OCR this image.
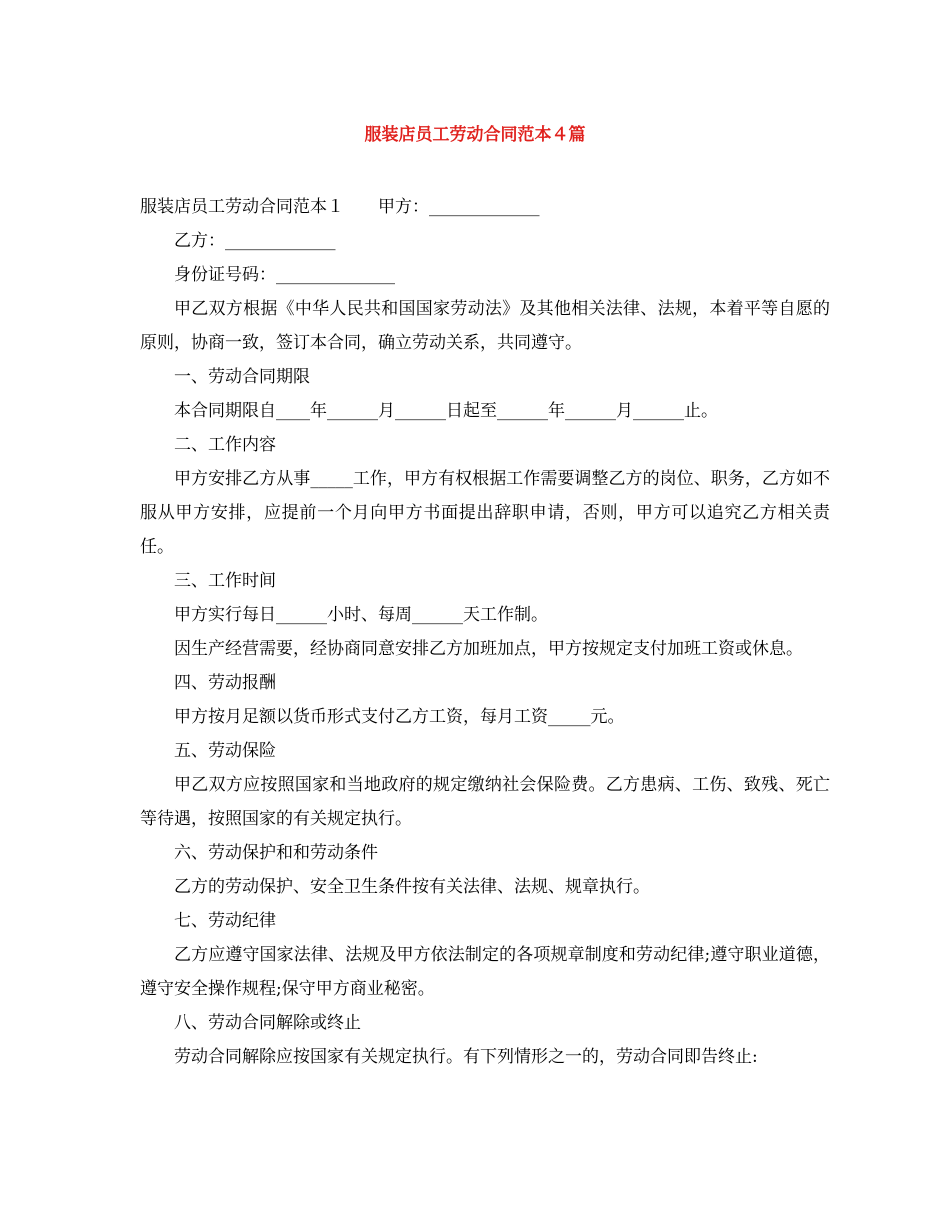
服装店员工劳动合同范本４篇

服装店员工劳动合同范本１　　甲方：_____________

乙方：_____________

身份证号码：______________

甲乙双方根据《中华人民共和国国家劳动法》及其他相关法律、法规，本着平等自愿的原则，协商一致，签订本合同，确立劳动关系，共同遵守。

一、劳动合同期限

本合同期限自____年______月______日起至______年______月______止。

二、工作内容

甲方安排乙方从事_____工作，甲方有权根据工作需要调整乙方的岗位、职务，乙方如不服从甲方安排，应提前一个月向甲方书面提出辞职申请，否则，甲方可以追究乙方相关责任。

三、工作时间

甲方实行每日______小时、每周______天工作制。

因生产经营需要，经协商同意安排乙方加班加点，甲方按规定支付加班工资或休息。

四、劳动报酬

甲方按月足额以货币形式支付乙方工资，每月工资_____元。

五、劳动保险

甲乙双方应按照国家和当地政府的规定缴纳社会保险费。乙方患病、工伤、致残、死亡等待遇，按照国家的有关规定执行。

六、劳动保护和和劳动条件

乙方的劳动保护、安全卫生条件按有关法律、法规、规章执行。

七、劳动纪律

乙方应遵守国家法律、法规及甲方依法制定的各项规章制度和劳动纪律;遵守职业道德，遵守安全操作规程;保守甲方商业秘密。

八、劳动合同解除或终止

劳动合同解除应按国家有关规定执行。有下列情形之一的，劳动合同即告终止:
